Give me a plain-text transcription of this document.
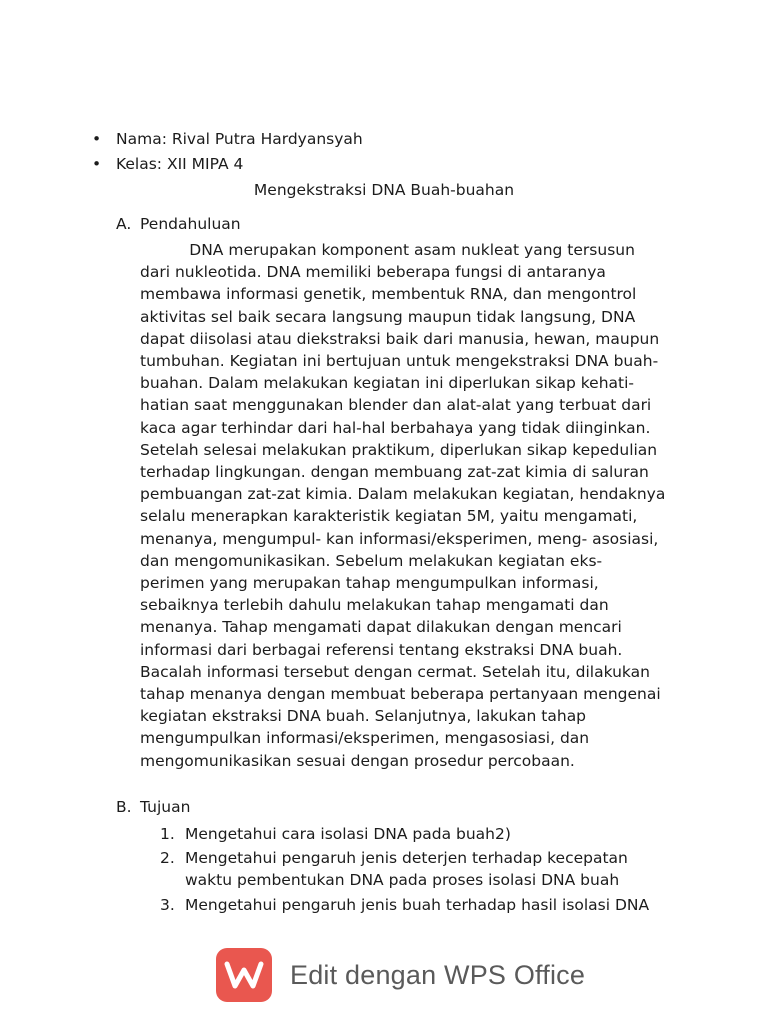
• Nama: Rival Putra Hardyansyah
• Kelas: XII MIPA 4
Mengekstraksi DNA Buah-buahan
A. Pendahuluan
DNA merupakan komponent asam nukleat yang tersusun
dari nukleotida. DNA memiliki beberapa fungsi di antaranya
membawa informasi genetik, membentuk RNA, dan mengontrol
aktivitas sel baik secara langsung maupun tidak langsung, DNA
dapat diisolasi atau diekstraksi baik dari manusia, hewan, maupun
tumbuhan. Kegiatan ini bertujuan untuk mengekstraksi DNA buah-
buahan. Dalam melakukan kegiatan ini diperlukan sikap kehati-
hatian saat menggunakan blender dan alat-alat yang terbuat dari
kaca agar terhindar dari hal-hal berbahaya yang tidak diinginkan.
Setelah selesai melakukan praktikum, diperlukan sikap kepedulian
terhadap lingkungan. dengan membuang zat-zat kimia di saluran
pembuangan zat-zat kimia. Dalam melakukan kegiatan, hendaknya
selalu menerapkan karakteristik kegiatan 5M, yaitu mengamati,
menanya, mengumpul- kan informasi/eksperimen, meng- asosiasi,
dan mengomunikasikan. Sebelum melakukan kegiatan eks-
perimen yang merupakan tahap mengumpulkan informasi,
sebaiknya terlebih dahulu melakukan tahap mengamati dan
menanya. Tahap mengamati dapat dilakukan dengan mencari
informasi dari berbagai referensi tentang ekstraksi DNA buah.
Bacalah informasi tersebut dengan cermat. Setelah itu, dilakukan
tahap menanya dengan membuat beberapa pertanyaan mengenai
kegiatan ekstraksi DNA buah. Selanjutnya, lakukan tahap
mengumpulkan informasi/eksperimen, mengasosiasi, dan
mengomunikasikan sesuai dengan prosedur percobaan.
B. Tujuan
1. Mengetahui cara isolasi DNA pada buah2)
2. Mengetahui pengaruh jenis deterjen terhadap kecepatan waktu pembentukan DNA pada proses isolasi DNA buah
3. Mengetahui pengaruh jenis buah terhadap hasil isolasi DNA
Edit dengan WPS Office
